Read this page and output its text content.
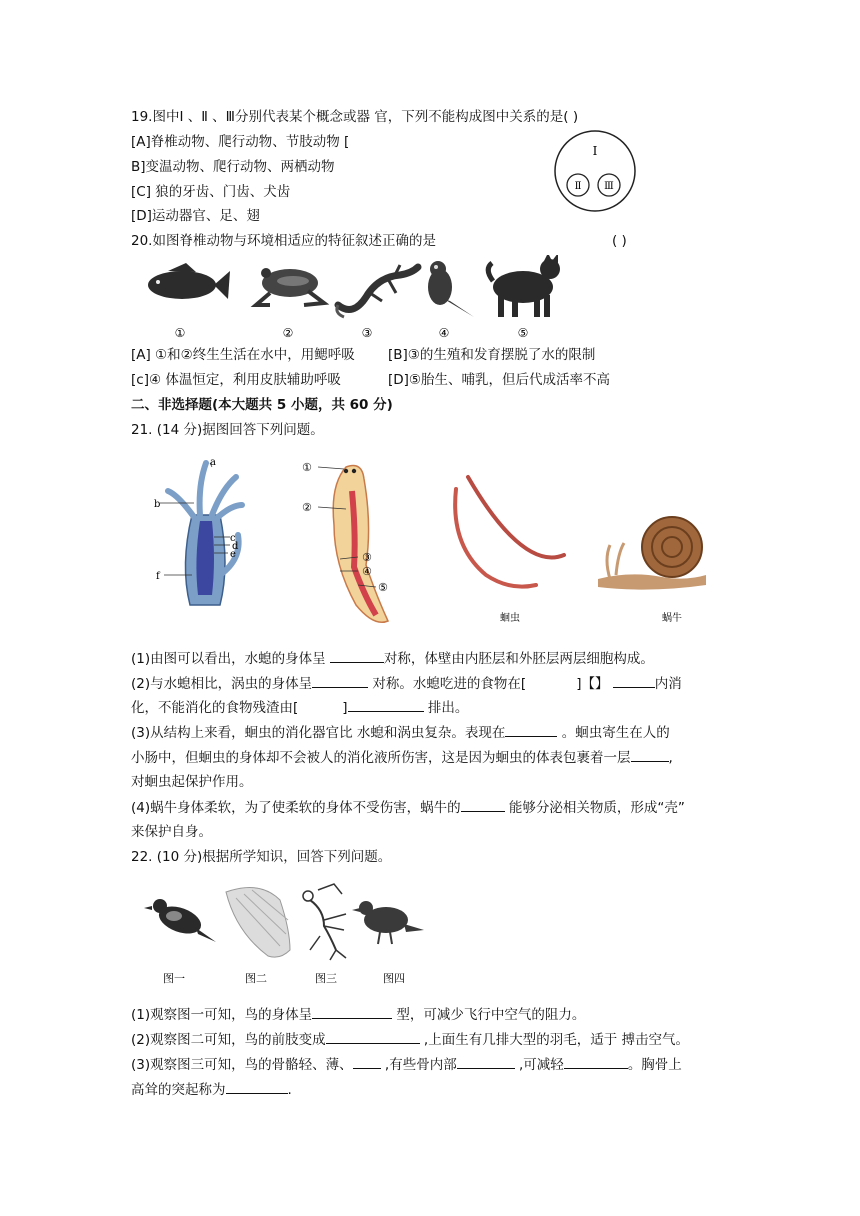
19.图中Ⅰ 、Ⅱ 、Ⅲ分别代表某个概念或器 官，下列不能构成图中关系的是( )
[A]脊椎动物、爬行动物、节肢动物 [
B]变温动物、爬行动物、两栖动物
[C] 狼的牙齿、门齿、犬齿
[D]运动器官、足、翅
Ⅰ
Ⅱ Ⅲ
20.如图脊椎动物与环境相适应的特征叙述正确的是	( )
①	②	③	④	⑤
[A] ①和②终生生活在水中，用鳃呼吸 [B]③的生殖和发育摆脱了水的限制
[c]④ 体温恒定，利用皮肤辅助呼吸	[D]⑤胎生、哺乳，但后代成活率不高
二、非选择题(本大题共 5 小题，共 60 分)
21. (14 分)据图回答下列问题。
a
b
c
d
e
f
①
②
③
④
⑤
蛔虫	蜗牛
(1)由图可以看出，水螅的身体呈	对称，体壁由内胚层和外胚层两层细胞构成。
(2)与水螅相比，涡虫的身体呈	对称。水螅吃进的食物在[	]【】	内消
化，不能消化的食物残渣由[	]	排出。
(3)从结构上来看，蛔虫的消化器官比 水螅和涡虫复杂。表现在	。蛔虫寄生在人的
小肠中，但蛔虫的身体却不会被人的消化液所伤害，这是因为蛔虫的体表包裹着一层	,
对蛔虫起保护作用。
(4)蜗牛身体柔软，为了使柔软的身体不受伤害，蜗牛的	能够分泌相关物质，形成“壳”
来保护自身。
22. (10 分)根据所学知识，回答下列问题。
图一	图二	图三	图四
(1)观察图一可知，鸟的身体呈	型，可减少飞行中空气的阻力。
(2)观察图二可知，鸟的前肢变成	,上面生有几排大型的羽毛，适于 搏击空气。
(3)观察图三可知，鸟的骨骼轻、薄、 ,有些骨内部	,可减轻	。胸骨上
高耸的突起称为	.
